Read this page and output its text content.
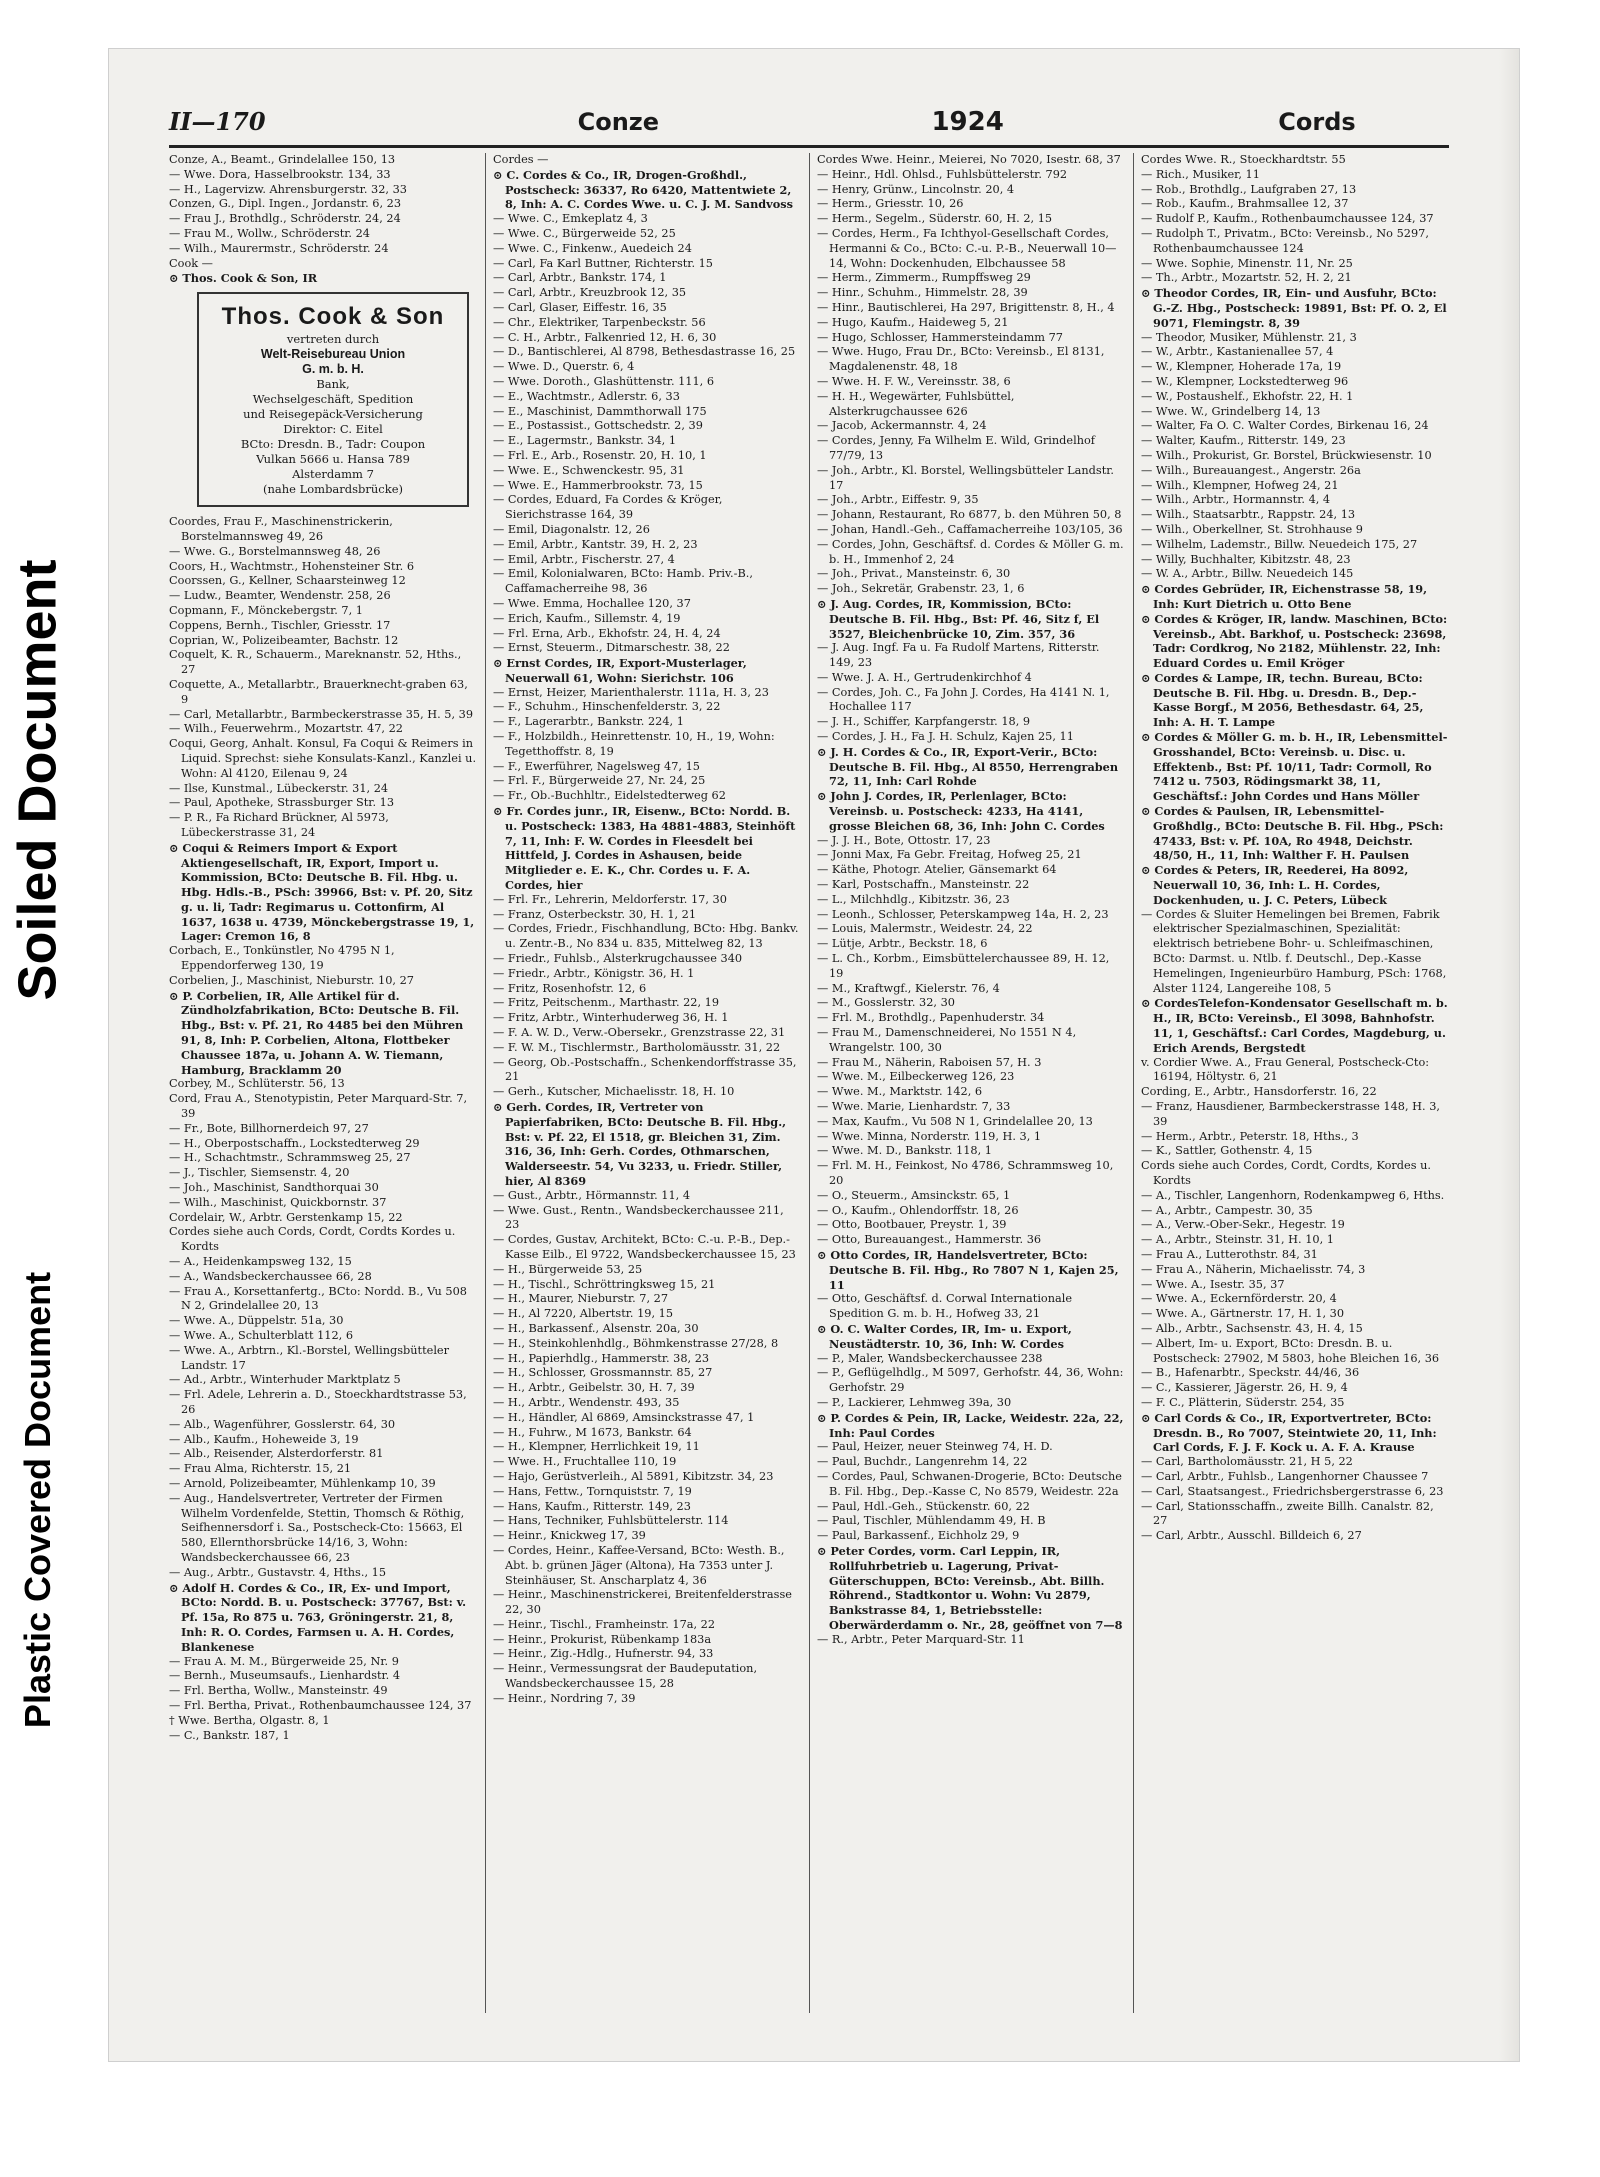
Soiled Document
Plastic Covered Document
II—170	Conze	1924	Cords

Conze, A., Beamt., Grindelallee 150, 13

— Wwe. Dora, Hasselbrookstr. 134, 33

— H., Lagervizw. Ahrensburgerstr. 32, 33

Conzen, G., Dipl. Ingen., Jordanstr. 6, 23

— Frau J., Brothdlg., Schröderstr. 24, 24

— Frau M., Wollw., Schröderstr. 24

— Wilh., Maurermstr., Schröderstr. 24

Cook —

⊙ Thos. Cook & Son, IR

Thos. Cook & Son
vertreten durch
Welt-Reisebureau Union
G. m. b. H.
Bank,
Wechselgeschäft, Spedition
und Reisegepäck-Versicherung
Direktor: C. Eitel
BCto: Dresdn. B., Tadr: Coupon
Vulkan 5666 u. Hansa 789
Alsterdamm 7
(nahe Lombardsbrücke)

Coordes, Frau F., Maschinenstrickerin, Borstelmannsweg 49, 26

— Wwe. G., Borstelmannsweg 48, 26

Coors, H., Wachtmstr., Hohensteiner Str. 6

Coorssen, G., Kellner, Schaarsteinweg 12

— Ludw., Beamter, Wendenstr. 258, 26

Copmann, F., Mönckebergstr. 7, 1

Coppens, Bernh., Tischler, Griesstr. 17

Coprian, W., Polizeibeamter, Bachstr. 12

Coquelt, K. R., Schauerm., Mareknanstr. 52, Hths., 27

Coquette, A., Metallarbtr., Brauerknecht-graben 63, 9

— Carl, Metallarbtr., Barmbeckerstrasse 35, H. 5, 39

— Wilh., Feuerwehrm., Mozartstr. 47, 22

Coqui, Georg, Anhalt. Konsul, Fa Coqui & Reimers in Liquid. Sprechst: siehe Konsulats-Kanzl., Kanzlei u. Wohn: Al 4120, Eilenau 9, 24

— Ilse, Kunstmal., Lübeckerstr. 31, 24

— Paul, Apotheke, Strassburger Str. 13

— P. R., Fa Richard Brückner, Al 5973, Lübeckerstrasse 31, 24

⊙ Coqui & Reimers Import & Export Aktiengesellschaft, IR, Export, Import u. Kommission, BCto: Deutsche B. Fil. Hbg. u. Hbg. Hdls.-B., PSch: 39966, Bst: v. Pf. 20, Sitz g. u. li, Tadr: Regimarus u. Cottonfirm, Al 1637, 1638 u. 4739, Mönckebergstrasse 19, 1, Lager: Cremon 16, 8

Corbach, E., Tonkünstler, No 4795 N 1, Eppendorferweg 130, 19

Corbelien, J., Maschinist, Nieburstr. 10, 27

⊙ P. Corbelien, IR, Alle Artikel für d. Zündholzfabrikation, BCto: Deutsche B. Fil. Hbg., Bst: v. Pf. 21, Ro 4485 bei den Mühren 91, 8, Inh: P. Corbelien, Altona, Flottbeker Chaussee 187a, u. Johann A. W. Tiemann, Hamburg, Bracklamm 20

Corbey, M., Schlüterstr. 56, 13

Cord, Frau A., Stenotypistin, Peter Marquard-Str. 7, 39

— Fr., Bote, Billhornerdeich 97, 27

— H., Oberpostschaffn., Lockstedterweg 29

— H., Schachtmstr., Schrammsweg 25, 27

— J., Tischler, Siemsenstr. 4, 20

— Joh., Maschinist, Sandthorquai 30

— Wilh., Maschinist, Quickbornstr. 37

Cordelair, W., Arbtr. Gerstenkamp 15, 22

Cordes siehe auch Cords, Cordt, Cordts Kordes u. Kordts

— A., Heidenkampsweg 132, 15

— A., Wandsbeckerchaussee 66, 28

— Frau A., Korsettanfertg., BCto: Nordd. B., Vu 508 N 2, Grindelallee 20, 13

— Wwe. A., Düppelstr. 51a, 30

— Wwe. A., Schulterblatt 112, 6

— Wwe. A., Arbtrn., Kl.-Borstel, Wellingsbütteler Landstr. 17

— Ad., Arbtr., Winterhuder Marktplatz 5

— Frl. Adele, Lehrerin a. D., Stoeckhardtstrasse 53, 26

— Alb., Wagenführer, Gosslerstr. 64, 30

— Alb., Kaufm., Hoheweide 3, 19

— Alb., Reisender, Alsterdorferstr. 81

— Frau Alma, Richterstr. 15, 21

— Arnold, Polizeibeamter, Mühlenkamp 10, 39

— Aug., Handelsvertreter, Vertreter der Firmen Wilhelm Vordenfelde, Stettin, Thomsch & Röthig, Seifhennersdorf i. Sa., Postscheck-Cto: 15663, El 580, Ellernthorsbrücke 14/16, 3, Wohn: Wandsbeckerchaussee 66, 23

— Aug., Arbtr., Gustavstr. 4, Hths., 15

⊙ Adolf H. Cordes & Co., IR, Ex- und Import, BCto: Nordd. B. u. Postscheck: 37767, Bst: v. Pf. 15a, Ro 875 u. 763, Gröningerstr. 21, 8, Inh: R. O. Cordes, Farmsen u. A. H. Cordes, Blankenese

— Frau A. M. M., Bürgerweide 25, Nr. 9

— Bernh., Museumsaufs., Lienhardstr. 4

— Frl. Bertha, Wollw., Mansteinstr. 49

— Frl. Bertha, Privat., Rothenbaumchaussee 124, 37

† Wwe. Bertha, Olgastr. 8, 1

— C., Bankstr. 187, 1

Cordes —

⊙ C. Cordes & Co., IR, Drogen-Großhdl., Postscheck: 36337, Ro 6420, Mattentwiete 2, 8, Inh: A. C. Cordes Wwe. u. C. J. M. Sandvoss

— Wwe. C., Emkeplatz 4, 3

— Wwe. C., Bürgerweide 52, 25

— Wwe. C., Finkenw., Auedeich 24

— Carl, Fa Karl Buttner, Richterstr. 15

— Carl, Arbtr., Bankstr. 174, 1

— Carl, Arbtr., Kreuzbrook 12, 35

— Carl, Glaser, Eiffestr. 16, 35

— Chr., Elektriker, Tarpenbeckstr. 56

— C. H., Arbtr., Falkenried 12, H. 6, 30

— D., Bantischlerei, Al 8798, Bethesdastrasse 16, 25

— Wwe. D., Querstr. 6, 4

— Wwe. Doroth., Glashüttenstr. 111, 6

— E., Wachtmstr., Adlerstr. 6, 33

— E., Maschinist, Dammthorwall 175

— E., Postassist., Gottschedstr. 2, 39

— E., Lagermstr., Bankstr. 34, 1

— Frl. E., Arb., Rosenstr. 20, H. 10, 1

— Wwe. E., Schwenckestr. 95, 31

— Wwe. E., Hammerbrookstr. 73, 15

— Cordes, Eduard, Fa Cordes & Kröger, Sierichstrasse 164, 39

— Emil, Diagonalstr. 12, 26

— Emil, Arbtr., Kantstr. 39, H. 2, 23

— Emil, Arbtr., Fischerstr. 27, 4

— Emil, Kolonialwaren, BCto: Hamb. Priv.-B., Caffamacherreihe 98, 36

— Wwe. Emma, Hochallee 120, 37

— Erich, Kaufm., Sillemstr. 4, 19

— Frl. Erna, Arb., Ekhofstr. 24, H. 4, 24

— Ernst, Steuerm., Ditmarschestr. 38, 22

⊙ Ernst Cordes, IR, Export-Musterlager, Neuerwall 61, Wohn: Sierichstr. 106

— Ernst, Heizer, Marienthalerstr. 111a, H. 3, 23

— F., Schuhm., Hinschenfelderstr. 3, 22

— F., Lagerarbtr., Bankstr. 224, 1

— F., Holzbildh., Heinrettenstr. 10, H., 19, Wohn: Tegetthoffstr. 8, 19

— F., Ewerführer, Nagelsweg 47, 15

— Frl. F., Bürgerweide 27, Nr. 24, 25

— Fr., Ob.-Buchhltr., Eidelstedterweg 62

⊙ Fr. Cordes junr., IR, Eisenw., BCto: Nordd. B. u. Postscheck: 1383, Ha 4881-4883, Steinhöft 7, 11, Inh: F. W. Cordes in Fleesdelt bei Hittfeld, J. Cordes in Ashausen, beide Mitglieder e. E. K., Chr. Cordes u. F. A. Cordes, hier

— Frl. Fr., Lehrerin, Meldorferstr. 17, 30

— Franz, Osterbeckstr. 30, H. 1, 21

— Cordes, Friedr., Fischhandlung, BCto: Hbg. Bankv. u. Zentr.-B., No 834 u. 835, Mittelweg 82, 13

— Friedr., Fuhlsb., Alsterkrugchaussee 340

— Friedr., Arbtr., Königstr. 36, H. 1

— Fritz, Rosenhofstr. 12, 6

— Fritz, Peitschenm., Marthastr. 22, 19

— Fritz, Arbtr., Winterhuderweg 36, H. 1

— F. A. W. D., Verw.-Obersekr., Grenzstrasse 22, 31

— F. W. M., Tischlermstr., Bartholomäusstr. 31, 22

— Georg, Ob.-Postschaffn., Schenkendorffstrasse 35, 21

— Gerh., Kutscher, Michaelisstr. 18, H. 10

⊙ Gerh. Cordes, IR, Vertreter von Papierfabriken, BCto: Deutsche B. Fil. Hbg., Bst: v. Pf. 22, El 1518, gr. Bleichen 31, Zim. 316, 36, Inh: Gerh. Cordes, Othmarschen, Walderseestr. 54, Vu 3233, u. Friedr. Stiller, hier, Al 8369

— Gust., Arbtr., Hörmannstr. 11, 4

— Wwe. Gust., Rentn., Wandsbeckerchaussee 211, 23

— Cordes, Gustav, Architekt, BCto: C.-u. P.-B., Dep.-Kasse Eilb., El 9722, Wandsbeckerchaussee 15, 23

— H., Bürgerweide 53, 25

— H., Tischl., Schröttringksweg 15, 21

— H., Maurer, Nieburstr. 7, 27

— H., Al 7220, Albertstr. 19, 15

— H., Barkassenf., Alsenstr. 20a, 30

— H., Steinkohlenhdlg., Böhmkenstrasse 27/28, 8

— H., Papierhdlg., Hammerstr. 38, 23

— H., Schlosser, Grossmannstr. 85, 27

— H., Arbtr., Geibelstr. 30, H. 7, 39

— H., Arbtr., Wendenstr. 493, 35

— H., Händler, Al 6869, Amsinckstrasse 47, 1

— H., Fuhrw., M 1673, Bankstr. 64

— H., Klempner, Herrlichkeit 19, 11

— Wwe. H., Fruchtallee 110, 19

— Hajo, Gerüstverleih., Al 5891, Kibitzstr. 34, 23

— Hans, Fettw., Tornquiststr. 7, 19

— Hans, Kaufm., Ritterstr. 149, 23

— Hans, Techniker, Fuhlsbüttelerstr. 114

— Heinr., Knickweg 17, 39

— Cordes, Heinr., Kaffee-Versand, BCto: Westh. B., Abt. b. grünen Jäger (Altona), Ha 7353 unter J. Steinhäuser, St. Anscharplatz 4, 36

— Heinr., Maschinenstrickerei, Breitenfelderstrasse 22, 30

— Heinr., Tischl., Framheinstr. 17a, 22

— Heinr., Prokurist, Rübenkamp 183a

— Heinr., Zig.-Hdlg., Hufnerstr. 94, 33

— Heinr., Vermessungsrat der Baudeputation, Wandsbeckerchaussee 15, 28

— Heinr., Nordring 7, 39

Cordes Wwe. Heinr., Meierei, No 7020, Isestr. 68, 37

— Heinr., Hdl. Ohlsd., Fuhlsbüttelerstr. 792

— Henry, Grünw., Lincolnstr. 20, 4

— Herm., Griesstr. 10, 26

— Herm., Segelm., Süderstr. 60, H. 2, 15

— Cordes, Herm., Fa Ichthyol-Gesellschaft Cordes, Hermanni & Co., BCto: C.-u. P.-B., Neuerwall 10—14, Wohn: Dockenhuden, Elbchaussee 58

— Herm., Zimmerm., Rumpffsweg 29

— Hinr., Schuhm., Himmelstr. 28, 39

— Hinr., Bautischlerei, Ha 297, Brigittenstr. 8, H., 4

— Hugo, Kaufm., Haideweg 5, 21

— Hugo, Schlosser, Hammersteindamm 77

— Wwe. Hugo, Frau Dr., BCto: Vereinsb., El 8131, Magdalenenstr. 48, 18

— Wwe. H. F. W., Vereinsstr. 38, 6

— H. H., Wegewärter, Fuhlsbüttel, Alsterkrugchaussee 626

— Jacob, Ackermannstr. 4, 24

— Cordes, Jenny, Fa Wilhelm E. Wild, Grindelhof 77/79, 13

— Joh., Arbtr., Kl. Borstel, Wellingsbütteler Landstr. 17

— Joh., Arbtr., Eiffestr. 9, 35

— Johann, Restaurant, Ro 6877, b. den Mühren 50, 8

— Johan, Handl.-Geh., Caffamacherreihe 103/105, 36

— Cordes, John, Geschäftsf. d. Cordes & Möller G. m. b. H., Immenhof 2, 24

— Joh., Privat., Mansteinstr. 6, 30

— Joh., Sekretär, Grabenstr. 23, 1, 6

⊙ J. Aug. Cordes, IR, Kommission, BCto: Deutsche B. Fil. Hbg., Bst: Pf. 46, Sitz f, El 3527, Bleichenbrücke 10, Zim. 357, 36

— J. Aug. Ingf. Fa u. Fa Rudolf Martens, Ritterstr. 149, 23

— Wwe. J. A. H., Gertrudenkirchhof 4

— Cordes, Joh. C., Fa John J. Cordes, Ha 4141 N. 1, Hochallee 117

— J. H., Schiffer, Karpfangerstr. 18, 9

— Cordes, J. H., Fa J. H. Schulz, Kajen 25, 11

⊙ J. H. Cordes & Co., IR, Export-Verir., BCto: Deutsche B. Fil. Hbg., Al 8550, Herrengraben 72, 11, Inh: Carl Rohde

⊙ John J. Cordes, IR, Perlenlager, BCto: Vereinsb. u. Postscheck: 4233, Ha 4141, grosse Bleichen 68, 36, Inh: John C. Cordes

— J. J. H., Bote, Ottostr. 17, 23

— Jonni Max, Fa Gebr. Freitag, Hofweg 25, 21

— Käthe, Photogr. Atelier, Gänsemarkt 64

— Karl, Postschaffn., Mansteinstr. 22

— L., Milchhdlg., Kibitzstr. 36, 23

— Leonh., Schlosser, Peterskampweg 14a, H. 2, 23

— Louis, Malermstr., Weidestr. 24, 22

— Lütje, Arbtr., Beckstr. 18, 6

— L. Ch., Korbm., Eimsbüttelerchaussee 89, H. 12, 19

— M., Kraftwgf., Kielerstr. 76, 4

— M., Gosslerstr. 32, 30

— Frl. M., Brothdlg., Papenhuderstr. 34

— Frau M., Damenschneiderei, No 1551 N 4, Wrangelstr. 100, 30

— Frau M., Näherin, Raboisen 57, H. 3

— Wwe. M., Eilbeckerweg 126, 23

— Wwe. M., Marktstr. 142, 6

— Wwe. Marie, Lienhardstr. 7, 33

— Max, Kaufm., Vu 508 N 1, Grindelallee 20, 13

— Wwe. Minna, Norderstr. 119, H. 3, 1

— Wwe. M. D., Bankstr. 118, 1

— Frl. M. H., Feinkost, No 4786, Schrammsweg 10, 20

— O., Steuerm., Amsinckstr. 65, 1

— O., Kaufm., Ohlendorffstr. 18, 26

— Otto, Bootbauer, Preystr. 1, 39

— Otto, Bureauangest., Hammerstr. 36

⊙ Otto Cordes, IR, Handelsvertreter, BCto: Deutsche B. Fil. Hbg., Ro 7807 N 1, Kajen 25, 11

— Otto, Geschäftsf. d. Corwal Internationale Spedition G. m. b. H., Hofweg 33, 21

⊙ O. C. Walter Cordes, IR, Im- u. Export, Neustädterstr. 10, 36, Inh: W. Cordes

— P., Maler, Wandsbeckerchaussee 238

— P., Geflügelhdlg., M 5097, Gerhofstr. 44, 36, Wohn: Gerhofstr. 29

— P., Lackierer, Lehmweg 39a, 30

⊙ P. Cordes & Pein, IR, Lacke, Weidestr. 22a, 22, Inh: Paul Cordes

— Paul, Heizer, neuer Steinweg 74, H. D.

— Paul, Buchdr., Langenrehm 14, 22

— Cordes, Paul, Schwanen-Drogerie, BCto: Deutsche B. Fil. Hbg., Dep.-Kasse C, No 8579, Weidestr. 22a

— Paul, Hdl.-Geh., Stückenstr. 60, 22

— Paul, Tischler, Mühlendamm 49, H. B

— Paul, Barkassenf., Eichholz 29, 9

⊙ Peter Cordes, vorm. Carl Leppin, IR, Rollfuhrbetrieb u. Lagerung, Privat-Güterschuppen, BCto: Vereinsb., Abt. Billh. Röhrend., Stadtkontor u. Wohn: Vu 2879, Bankstrasse 84, 1, Betriebsstelle: Oberwärderdamm o. Nr., 28, geöffnet von 7—8

— R., Arbtr., Peter Marquard-Str. 11

Cordes Wwe. R., Stoeckhardtstr. 55

— Rich., Musiker, 11

— Rob., Brothdlg., Laufgraben 27, 13

— Rob., Kaufm., Brahmsallee 12, 37

— Rudolf P., Kaufm., Rothenbaumchaussee 124, 37

— Rudolph T., Privatm., BCto: Vereinsb., No 5297, Rothenbaumchaussee 124

— Wwe. Sophie, Minenstr. 11, Nr. 25

— Th., Arbtr., Mozartstr. 52, H. 2, 21

⊙ Theodor Cordes, IR, Ein- und Ausfuhr, BCto: G.-Z. Hbg., Postscheck: 19891, Bst: Pf. O. 2, El 9071, Flemingstr. 8, 39

— Theodor, Musiker, Mühlenstr. 21, 3

— W., Arbtr., Kastanienallee 57, 4

— W., Klempner, Hoherade 17a, 19

— W., Klempner, Lockstedterweg 96

— W., Postaushelf., Ekhofstr. 22, H. 1

— Wwe. W., Grindelberg 14, 13

— Walter, Fa O. C. Walter Cordes, Birkenau 16, 24

— Walter, Kaufm., Ritterstr. 149, 23

— Wilh., Prokurist, Gr. Borstel, Brückwiesenstr. 10

— Wilh., Bureauangest., Angerstr. 26a

— Wilh., Klempner, Hofweg 24, 21

— Wilh., Arbtr., Hormannstr. 4, 4

— Wilh., Staatsarbtr., Rappstr. 24, 13

— Wilh., Oberkellner, St. Strohhause 9

— Wilhelm, Lademstr., Billw. Neuedeich 175, 27

— Willy, Buchhalter, Kibitzstr. 48, 23

— W. A., Arbtr., Billw. Neuedeich 145

⊙ Cordes Gebrüder, IR, Eichenstrasse 58, 19, Inh: Kurt Dietrich u. Otto Bene

⊙ Cordes & Kröger, IR, landw. Maschinen, BCto: Vereinsb., Abt. Barkhof, u. Postscheck: 23698, Tadr: Cordkrog, No 2182, Mühlenstr. 22, Inh: Eduard Cordes u. Emil Kröger

⊙ Cordes & Lampe, IR, techn. Bureau, BCto: Deutsche B. Fil. Hbg. u. Dresdn. B., Dep.-Kasse Borgf., M 2056, Bethesdastr. 64, 25, Inh: A. H. T. Lampe

⊙ Cordes & Möller G. m. b. H., IR, Lebensmittel-Grosshandel, BCto: Vereinsb. u. Disc. u. Effektenb., Bst: Pf. 10/11, Tadr: Cormoll, Ro 7412 u. 7503, Rödingsmarkt 38, 11, Geschäftsf.: John Cordes und Hans Möller

⊙ Cordes & Paulsen, IR, Lebensmittel-Großhdlg., BCto: Deutsche B. Fil. Hbg., PSch: 47433, Bst: v. Pf. 10A, Ro 4948, Deichstr. 48/50, H., 11, Inh: Walther F. H. Paulsen

⊙ Cordes & Peters, IR, Reederei, Ha 8092, Neuerwall 10, 36, Inh: L. H. Cordes, Dockenhuden, u. J. C. Peters, Lübeck

— Cordes & Sluiter Hemelingen bei Bremen, Fabrik elektrischer Spezialmaschinen, Spezialität: elektrisch betriebene Bohr- u. Schleifmaschinen, BCto: Darmst. u. Ntlb. f. Deutschl., Dep.-Kasse Hemelingen, Ingenieurbüro Hamburg, PSch: 1768, Alster 1124, Langereihe 108, 5

⊙ CordesTelefon-Kondensator Gesellschaft m. b. H., IR, BCto: Vereinsb., El 3098, Bahnhofstr. 11, 1, Geschäftsf.: Carl Cordes, Magdeburg, u. Erich Arends, Bergstedt

v. Cordier Wwe. A., Frau General, Postscheck-Cto: 16194, Höltystr. 6, 21

Cording, E., Arbtr., Hansdorferstr. 16, 22

— Franz, Hausdiener, Barmbeckerstrasse 148, H. 3, 39

— Herm., Arbtr., Peterstr. 18, Hths., 3

— K., Sattler, Gothenstr. 4, 15

Cords siehe auch Cordes, Cordt, Cordts, Kordes u. Kordts

— A., Tischler, Langenhorn, Rodenkampweg 6, Hths.

— A., Arbtr., Campestr. 30, 35

— A., Verw.-Ober-Sekr., Hegestr. 19

— A., Arbtr., Steinstr. 31, H. 10, 1

— Frau A., Lutterothstr. 84, 31

— Frau A., Näherin, Michaelisstr. 74, 3

— Wwe. A., Isestr. 35, 37

— Wwe. A., Eckernförderstr. 20, 4

— Wwe. A., Gärtnerstr. 17, H. 1, 30

— Alb., Arbtr., Sachsenstr. 43, H. 4, 15

— Albert, Im- u. Export, BCto: Dresdn. B. u. Postscheck: 27902, M 5803, hohe Bleichen 16, 36

— B., Hafenarbtr., Speckstr. 44/46, 36

— C., Kassierer, Jägerstr. 26, H. 9, 4

— F. C., Plätterin, Süderstr. 254, 35

⊙ Carl Cords & Co., IR, Exportvertreter, BCto: Dresdn. B., Ro 7007, Steintwiete 20, 11, Inh: Carl Cords, F. J. F. Kock u. A. F. A. Krause

— Carl, Bartholomäusstr. 21, H 5, 22

— Carl, Arbtr., Fuhlsb., Langenhorner Chaussee 7

— Carl, Staatsangest., Friedrichsbergerstrasse 6, 23

— Carl, Stationsschaffn., zweite Billh. Canalstr. 82, 27

— Carl, Arbtr., Ausschl. Billdeich 6, 27
